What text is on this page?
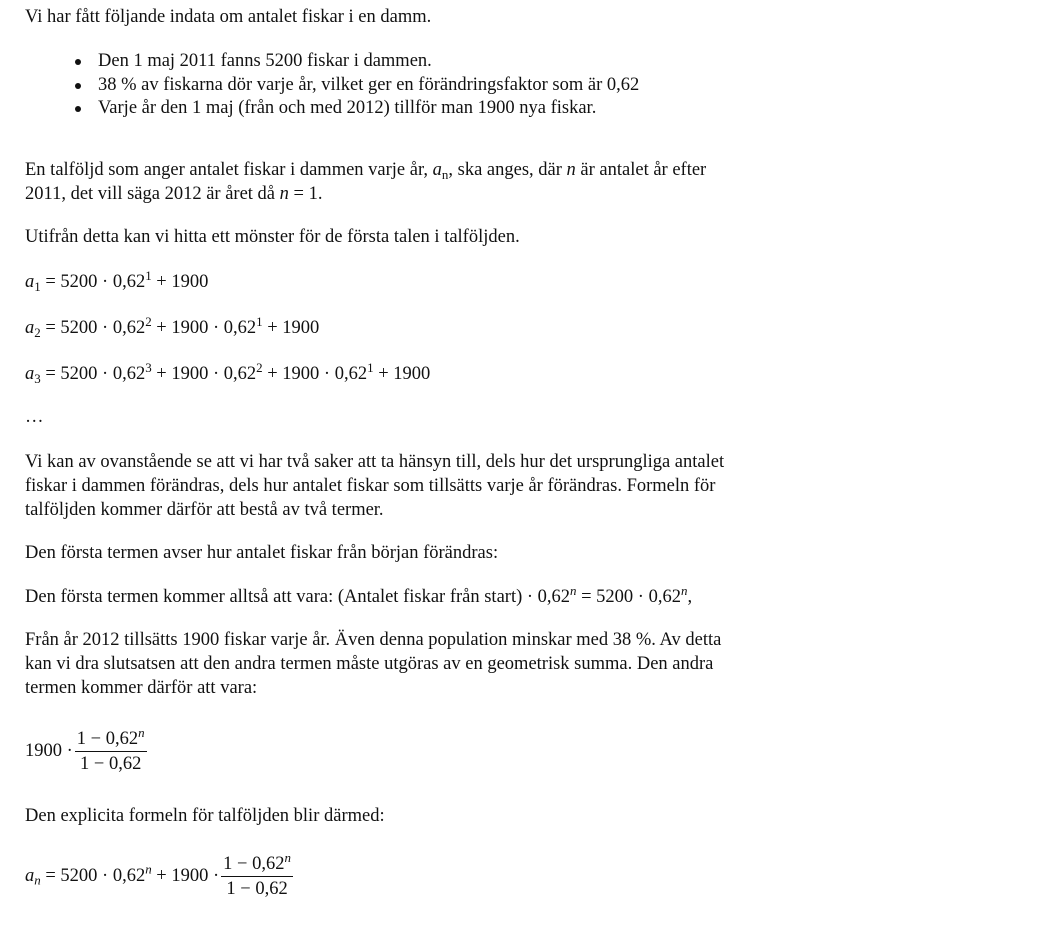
Vi har fått följande indata om antalet fiskar i en damm.
Den 1 maj 2011 fanns 5200 fiskar i dammen.
38 % av fiskarna dör varje år, vilket ger en förändringsfaktor som är 0,62
Varje år den 1 maj (från och med 2012) tillför man 1900 nya fiskar.
En talföljd som anger antalet fiskar i dammen varje år, $a_n$, ska anges, där n är antalet år efter
2011, det vill säga 2012 är året då n = 1.
Utifrån detta kan vi hitta ett mönster för de första talen i talföljden.
$a_1 = 5200 \cdot 0,62^1 + 1900$
$a_2 = 5200 \cdot 0,62^2 + 1900 \cdot 0,62^1 + 1900$
$a_3 = 5200 \cdot 0,62^3 + 1900 \cdot 0,62^2 + 1900 \cdot 0,62^1 + 1900$
…
Vi kan av ovanstående se att vi har två saker att ta hänsyn till, dels hur det ursprungliga antalet
fiskar i dammen förändras, dels hur antalet fiskar som tillsätts varje år förändras. Formeln för
talföljden kommer därför att bestå av två termer.
Den första termen avser hur antalet fiskar från början förändras:
Den första termen kommer alltså att vara: (Antalet fiskar från start) · $0,62^n = 5200 \cdot 0,62^n$,
Från år 2012 tillsätts 1900 fiskar varje år. Även denna population minskar med 38 %. Av detta
kan vi dra slutsatsen att den andra termen måste utgöras av en geometrisk summa. Den andra
termen kommer därför att vara:
$1900 \cdot \frac{1 - 0,62^n}{1 - 0,62}$
Den explicita formeln för talföljden blir därmed:
$a_n = 5200 \cdot 0,62^n + 1900 \cdot \frac{1 - 0,62^n}{1 - 0,62}$
